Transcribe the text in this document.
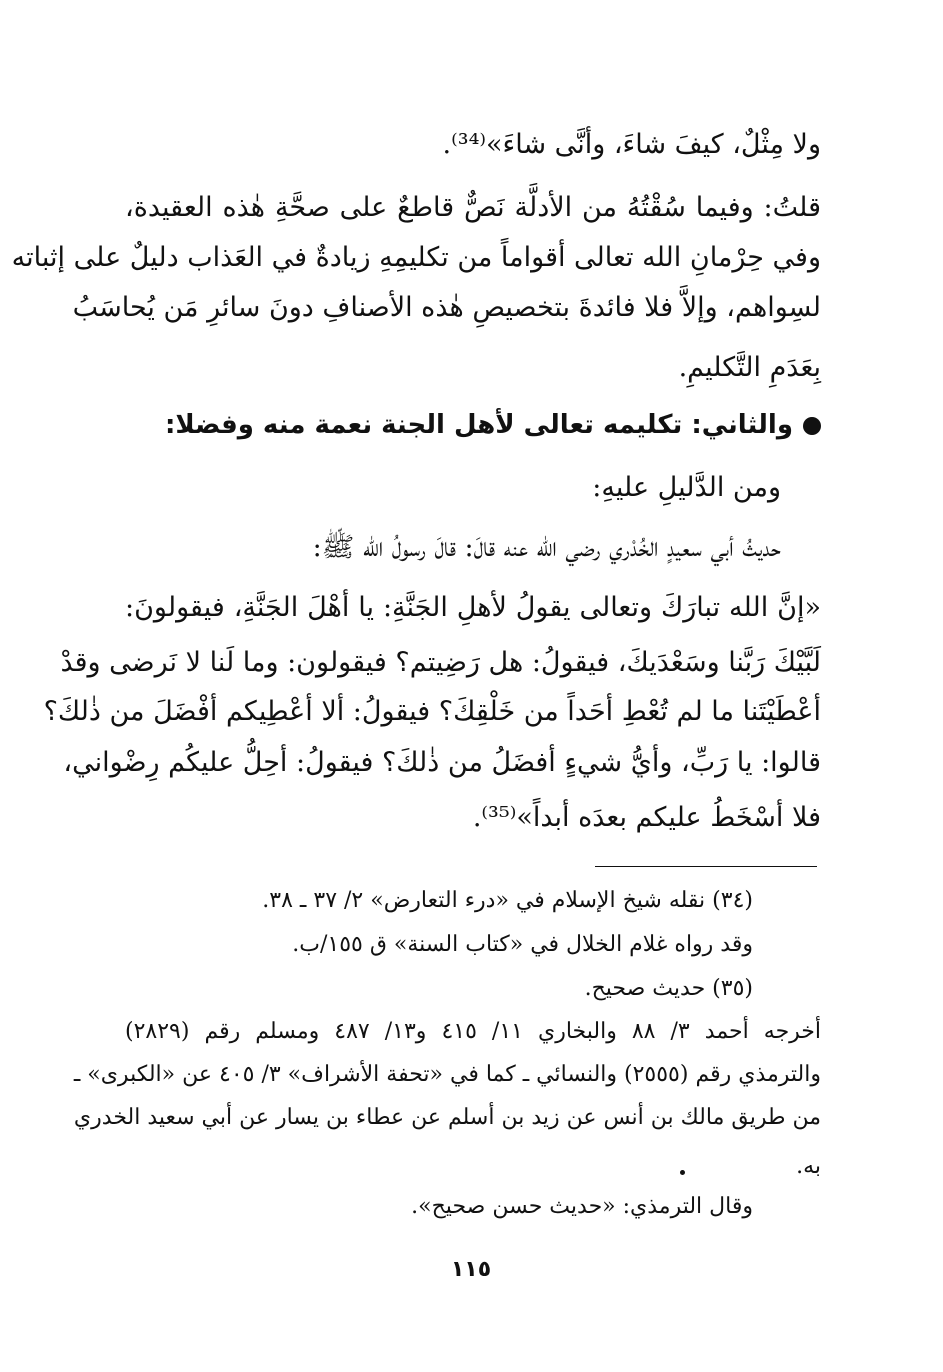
ولا مِثْلٌ، كيفَ شاءَ، وأنَّى شاءَ»⁽³⁴⁾.
قلتُ: وفيما سُقْتُهُ من الأدلَّة نَصٌّ قاطعٌ على صحَّةِ هٰذه العقيدة،
وفي حِرْمانِ الله تعالى أقواماً من تكليمِهِ زيادةٌ في العَذاب دليلٌ على إثباته
لسِواهم، وإلاَّ فلا فائدةَ بتخصيصِ هٰذه الأصنافِ دونَ سائرِ مَن يُحاسَبُ
بِعَدَمِ التَّكليمِ.
والثاني: تكليمه تعالى لأهل الجنة نعمة منه وفضلا:
ومن الدَّليلِ عليهِ:
حديثُ أبي سعيدٍ الخُدْري رضي الله عنه قالَ: قالَ رسولُ الله ﷺ:
«إنَّ الله تبارَكَ وتعالى يقولُ لأهلِ الجَنَّةِ: يا أهْلَ الجَنَّةِ، فيقولونَ:
لَبَّيْكَ رَبَّنا وسَعْدَيكَ، فيقولُ: هل رَضِيتم؟ فيقولون: وما لَنا لا نَرضى وقدْ
أعْطَيْتَنا ما لم تُعْطِ أحَداً من خَلْقِكَ؟ فيقولُ: ألا أعْطِيكم أفْضَلَ من ذٰلكَ؟
قالوا: يا رَبِّ، وأيُّ شيءٍ أفضَلُ من ذٰلكَ؟ فيقولُ: أحِلُّ عليكُم رِضْواني،
فلا أسْخَطُ عليكم بعدَه أبداً»⁽³⁵⁾.
(٣٤) نقله شيخ الإسلام في «درء التعارض» ٢/ ٣٧ ـ ٣٨.
وقد رواه غلام الخلال في «كتاب السنة» ق ١٥٥/ب.
(٣٥) حديث صحيح.
أخرجه أحمد ٣/ ٨٨ والبخاري ١١/ ٤١٥ و١٣/ ٤٨٧ ومسلم رقم (٢٨٢٩)
والترمذي رقم (٢٥٥٥) والنسائي ـ كما في «تحفة الأشراف» ٣/ ٤٠٥ عن «الكبرى» ـ
من طريق مالك بن أنس عن زيد بن أسلم عن عطاء بن يسار عن أبي سعيد الخدري
به.
وقال الترمذي: «حديث حسن صحيح».
١١٥
